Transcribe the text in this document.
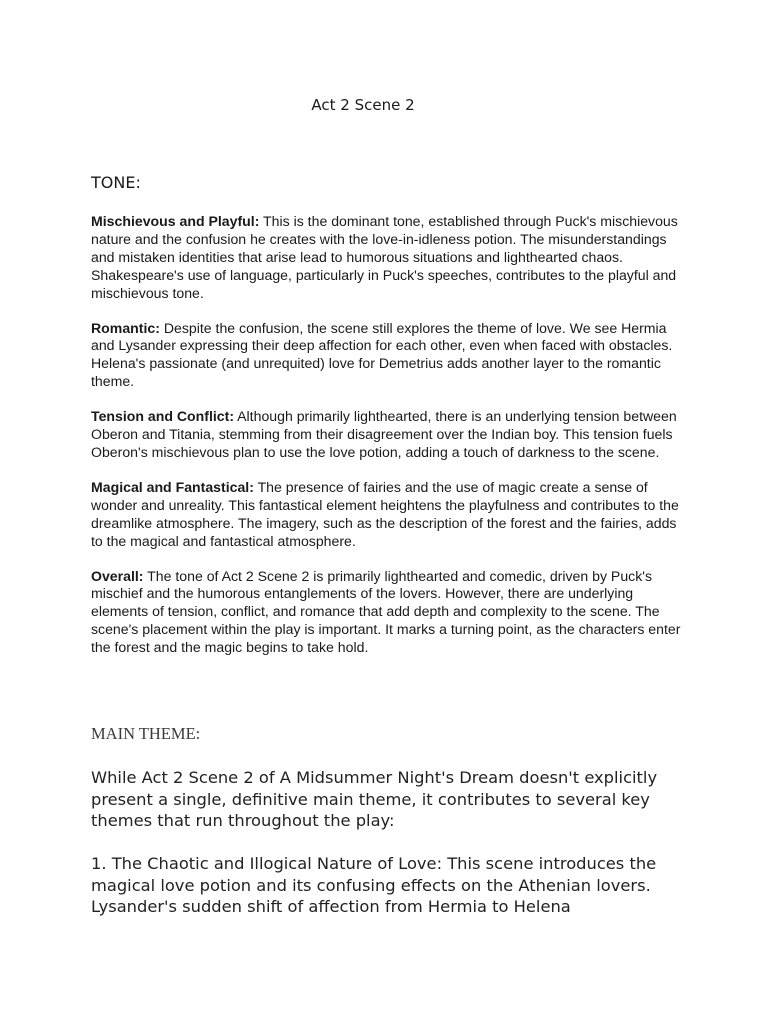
Act 2 Scene 2
TONE:

Mischievous and Playful: This is the dominant tone, established through Puck's mischievous nature and the confusion he creates with the love-in-idleness potion. The misunderstandings and mistaken identities that arise lead to humorous situations and lighthearted chaos. Shakespeare's use of language, particularly in Puck's speeches, contributes to the playful and mischievous tone.

Romantic: Despite the confusion, the scene still explores the theme of love. We see Hermia and Lysander expressing their deep affection for each other, even when faced with obstacles. Helena's passionate (and unrequited) love for Demetrius adds another layer to the romantic theme.

Tension and Conflict: Although primarily lighthearted, there is an underlying tension between Oberon and Titania, stemming from their disagreement over the Indian boy. This tension fuels Oberon's mischievous plan to use the love potion, adding a touch of darkness to the scene.

Magical and Fantastical: The presence of fairies and the use of magic create a sense of wonder and unreality. This fantastical element heightens the playfulness and contributes to the dreamlike atmosphere. The imagery, such as the description of the forest and the fairies, adds to the magical and fantastical atmosphere.

Overall: The tone of Act 2 Scene 2 is primarily lighthearted and comedic, driven by Puck's mischief and the humorous entanglements of the lovers. However, there are underlying elements of tension, conflict, and romance that add depth and complexity to the scene. The scene's placement within the play is important. It marks a turning point, as the characters enter the forest and the magic begins to take hold.

MAIN THEME:

While Act 2 Scene 2 of A Midsummer Night's Dream doesn't explicitly present a single, definitive main theme, it contributes to several key themes that run throughout the play:

1. The Chaotic and Illogical Nature of Love: This scene introduces the magical love potion and its confusing effects on the Athenian lovers. Lysander's sudden shift of affection from Hermia to Helena
